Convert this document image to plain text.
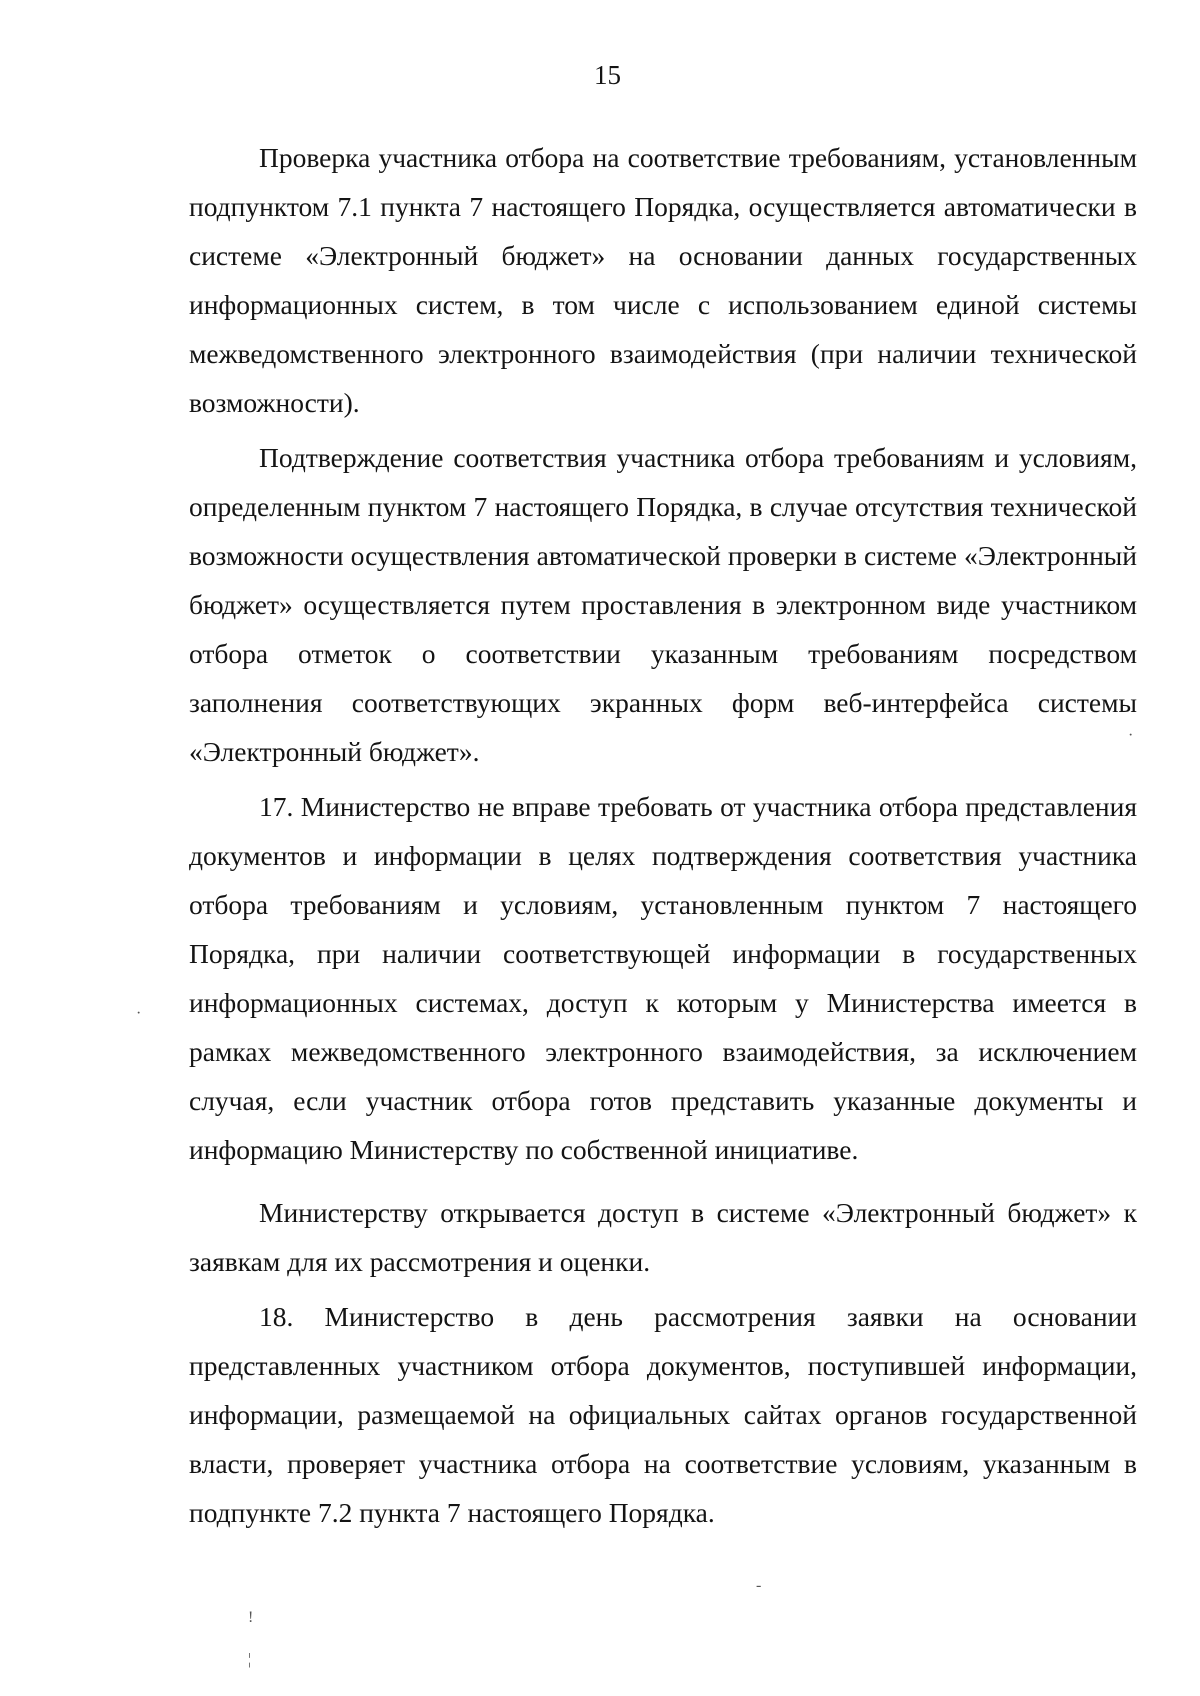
15

Проверка участника отбора на соответствие требованиям, установленным подпунктом 7.1 пункта 7 настоящего Порядка, осуществляется автоматически в системе «Электронный бюджет» на основании данных государственных информационных систем, в том числе с использованием единой системы межведомственного электронного взаимодействия (при наличии технической возможности).

Подтверждение соответствия участника отбора требованиям и условиям, определенным пунктом 7 настоящего Порядка, в случае отсутствия технической возможности осуществления автоматической проверки в системе «Электронный бюджет» осуществляется путем проставления в электронном виде участником отбора отметок о соответствии указанным требованиям посредством заполнения соответствующих экранных форм веб-интерфейса системы «Электронный бюджет».

17. Министерство не вправе требовать от участника отбора представления документов и информации в целях подтверждения соответствия участника отбора требованиям и условиям, установленным пунктом 7 настоящего Порядка, при наличии соответствующей информации в государственных информационных системах, доступ к которым у Министерства имеется в рамках межведомственного электронного взаимодействия, за исключением случая, если участник отбора готов представить указанные документы и информацию Министерству по собственной инициативе.

Министерству открывается доступ в системе «Электронный бюджет» к заявкам для их рассмотрения и оценки.

18. Министерство в день рассмотрения заявки на основании представленных участником отбора документов, поступившей информации, информации, размещаемой на официальных сайтах органов государственной власти, проверяет участника отбора на соответствие условиям, указанным в подпункте 7.2 пункта 7 настоящего Порядка.

·
·
-
!
¦
